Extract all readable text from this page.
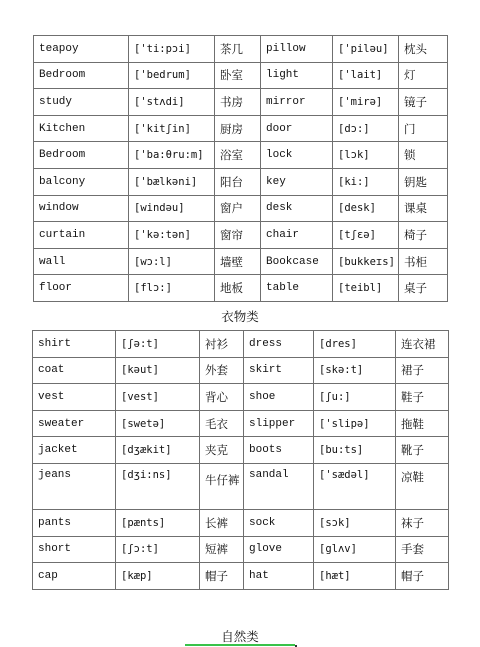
teapoy	['ti:pɔi]	茶几	pillow	['piləu]	枕头
Bedroom	['bedrum]	卧室	light	['lait]	灯
study	['stʌdi]	书房	mirror	['mirə]	镜子
Kitchen	['kitʃin]	厨房	door	[dɔ:]	门
Bedroom	['ba:θru:m]	浴室	lock	[lɔk]	锁
balcony	['bælkəni]	阳台	key	[ki:]	钥匙
window	[windəu]	窗户	desk	[desk]	课桌
curtain	['kə:tən]	窗帘	chair	[tʃεə]	椅子
wall	[wɔ:l]	墙壁	Bookcase	[bukkeɪs]	书柜
floor	[flɔ:]	地板	table	[teibl]	桌子
衣物类
shirt	[ʃə:t]	衬衫	dress	[dres]	连衣裙
coat	[kəut]	外套	skirt	[skə:t]	裙子
vest	[vest]	背心	shoe	[ʃu:]	鞋子
sweater	[swetə]	毛衣	slipper	['slipə]	拖鞋
jacket	[dʒækit]	夹克	boots	[bu:ts]	靴子
jeans	[dʒi:ns]	牛仔裤	sandal	['sædəl]	凉鞋
pants	[pænts]	长裤	sock	[sɔk]	袜子
short	[ʃɔ:t]	短裤	glove	[glʌv]	手套
cap	[kæp]	帽子	hat	[hæt]	帽子
自然类
